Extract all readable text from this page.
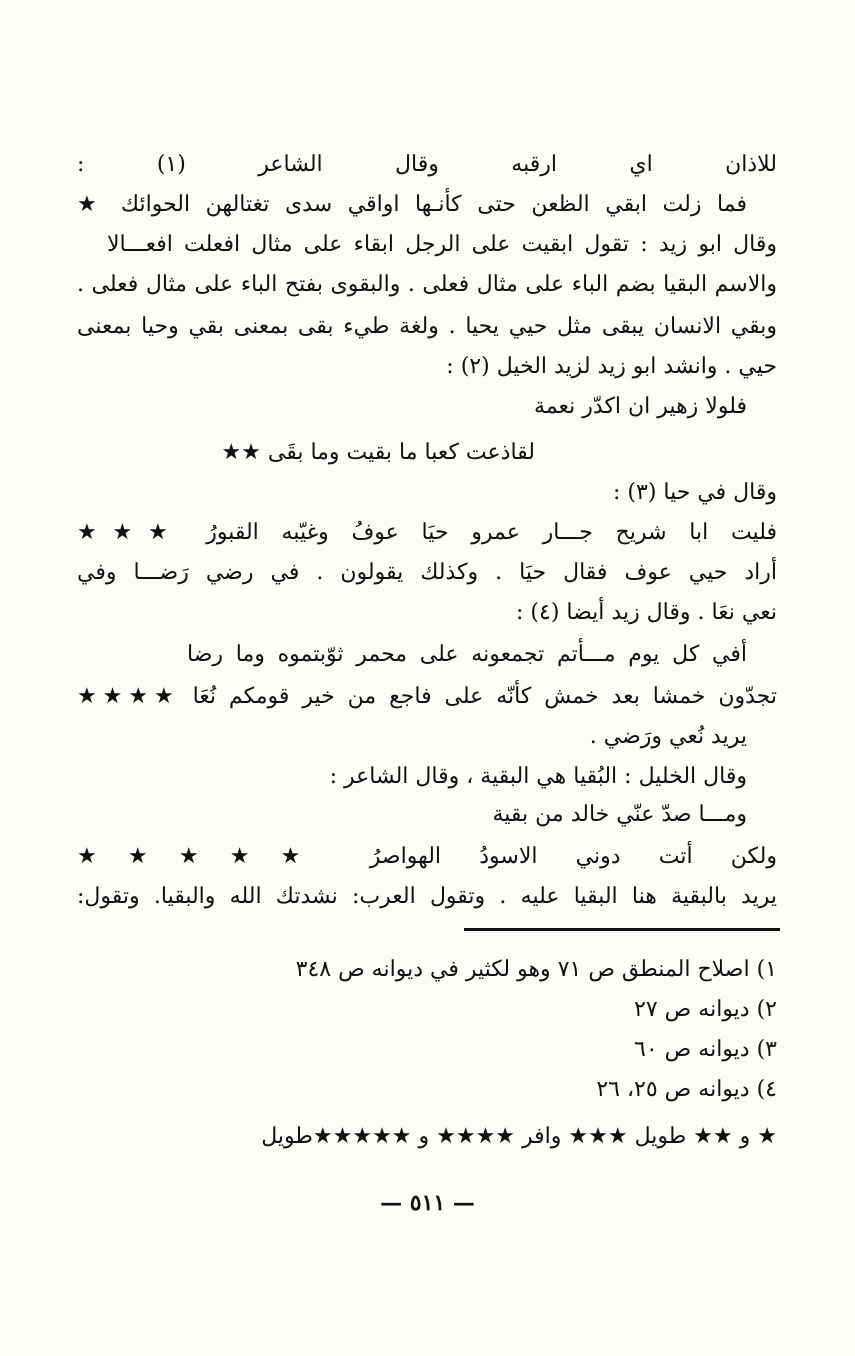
للاذان اي ارقبه وقال الشاعر (١) :
فما زلت ابقي الظعن حتى كأنـها اواقي سدى تغتالهن الحوائك ★
وقال ابو زيد : تقول ابقيت على الرجل ابقاء على مثال افعلت افعـــالا
والاسم البقيا بضم الباء على مثال فعلى . والبقوى بفتح الباء على مثال فعلى .
وبقي الانسان يبقى مثل حيي يحيا . ولغة طيء بقى بمعنى بقي وحيا بمعنى
حيي . وانشد ابو زيد لزيد الخيل (٢) :
فلولا زهير ان اكدّر نعمة
لقاذعت كعبا ما بقيت وما بقَى ★★
وقال في حيا (٣) :
فليت ابا شريح جـــار عمرو حيَا عوفُ وغيّبه القبورُ ★★★
أراد حيي عوف فقال حيَا . وكذلك يقولون . في رضي رَضـــا وفي
نعي نعَا . وقال زيد أيضا (٤) :
أفي كل يوم مـــأتم تجمعونه على محمر ثوّبتموه وما رضا
تجدّون خمشا بعد خمش كأنّه على فاجع من خير قومكم نُعَا ★★★★
يريد نُعي ورَضي .
وقال الخليل : البُقيا هي البقية ، وقال الشاعر :
ومـــا صدّ عنّي خالد من بقية
ولكن أتت دوني الاسودُ الهواصرُ ★★★★★
يريد بالبقية هنا البقيا عليه . وتقول العرب: نشدتك الله والبقيا. وتقول:
١) اصلاح المنطق ص ٧١ وهو لكثير في ديوانه ص ٣٤٨
٢) ديوانه ص ٢٧
٣) ديوانه ص ٦٠
٤) ديوانه ص ٢٥، ٢٦
★ و ★★ طويل ★★★ وافر ★★★★ و ★★★★★طويل
— ٥١١ —
